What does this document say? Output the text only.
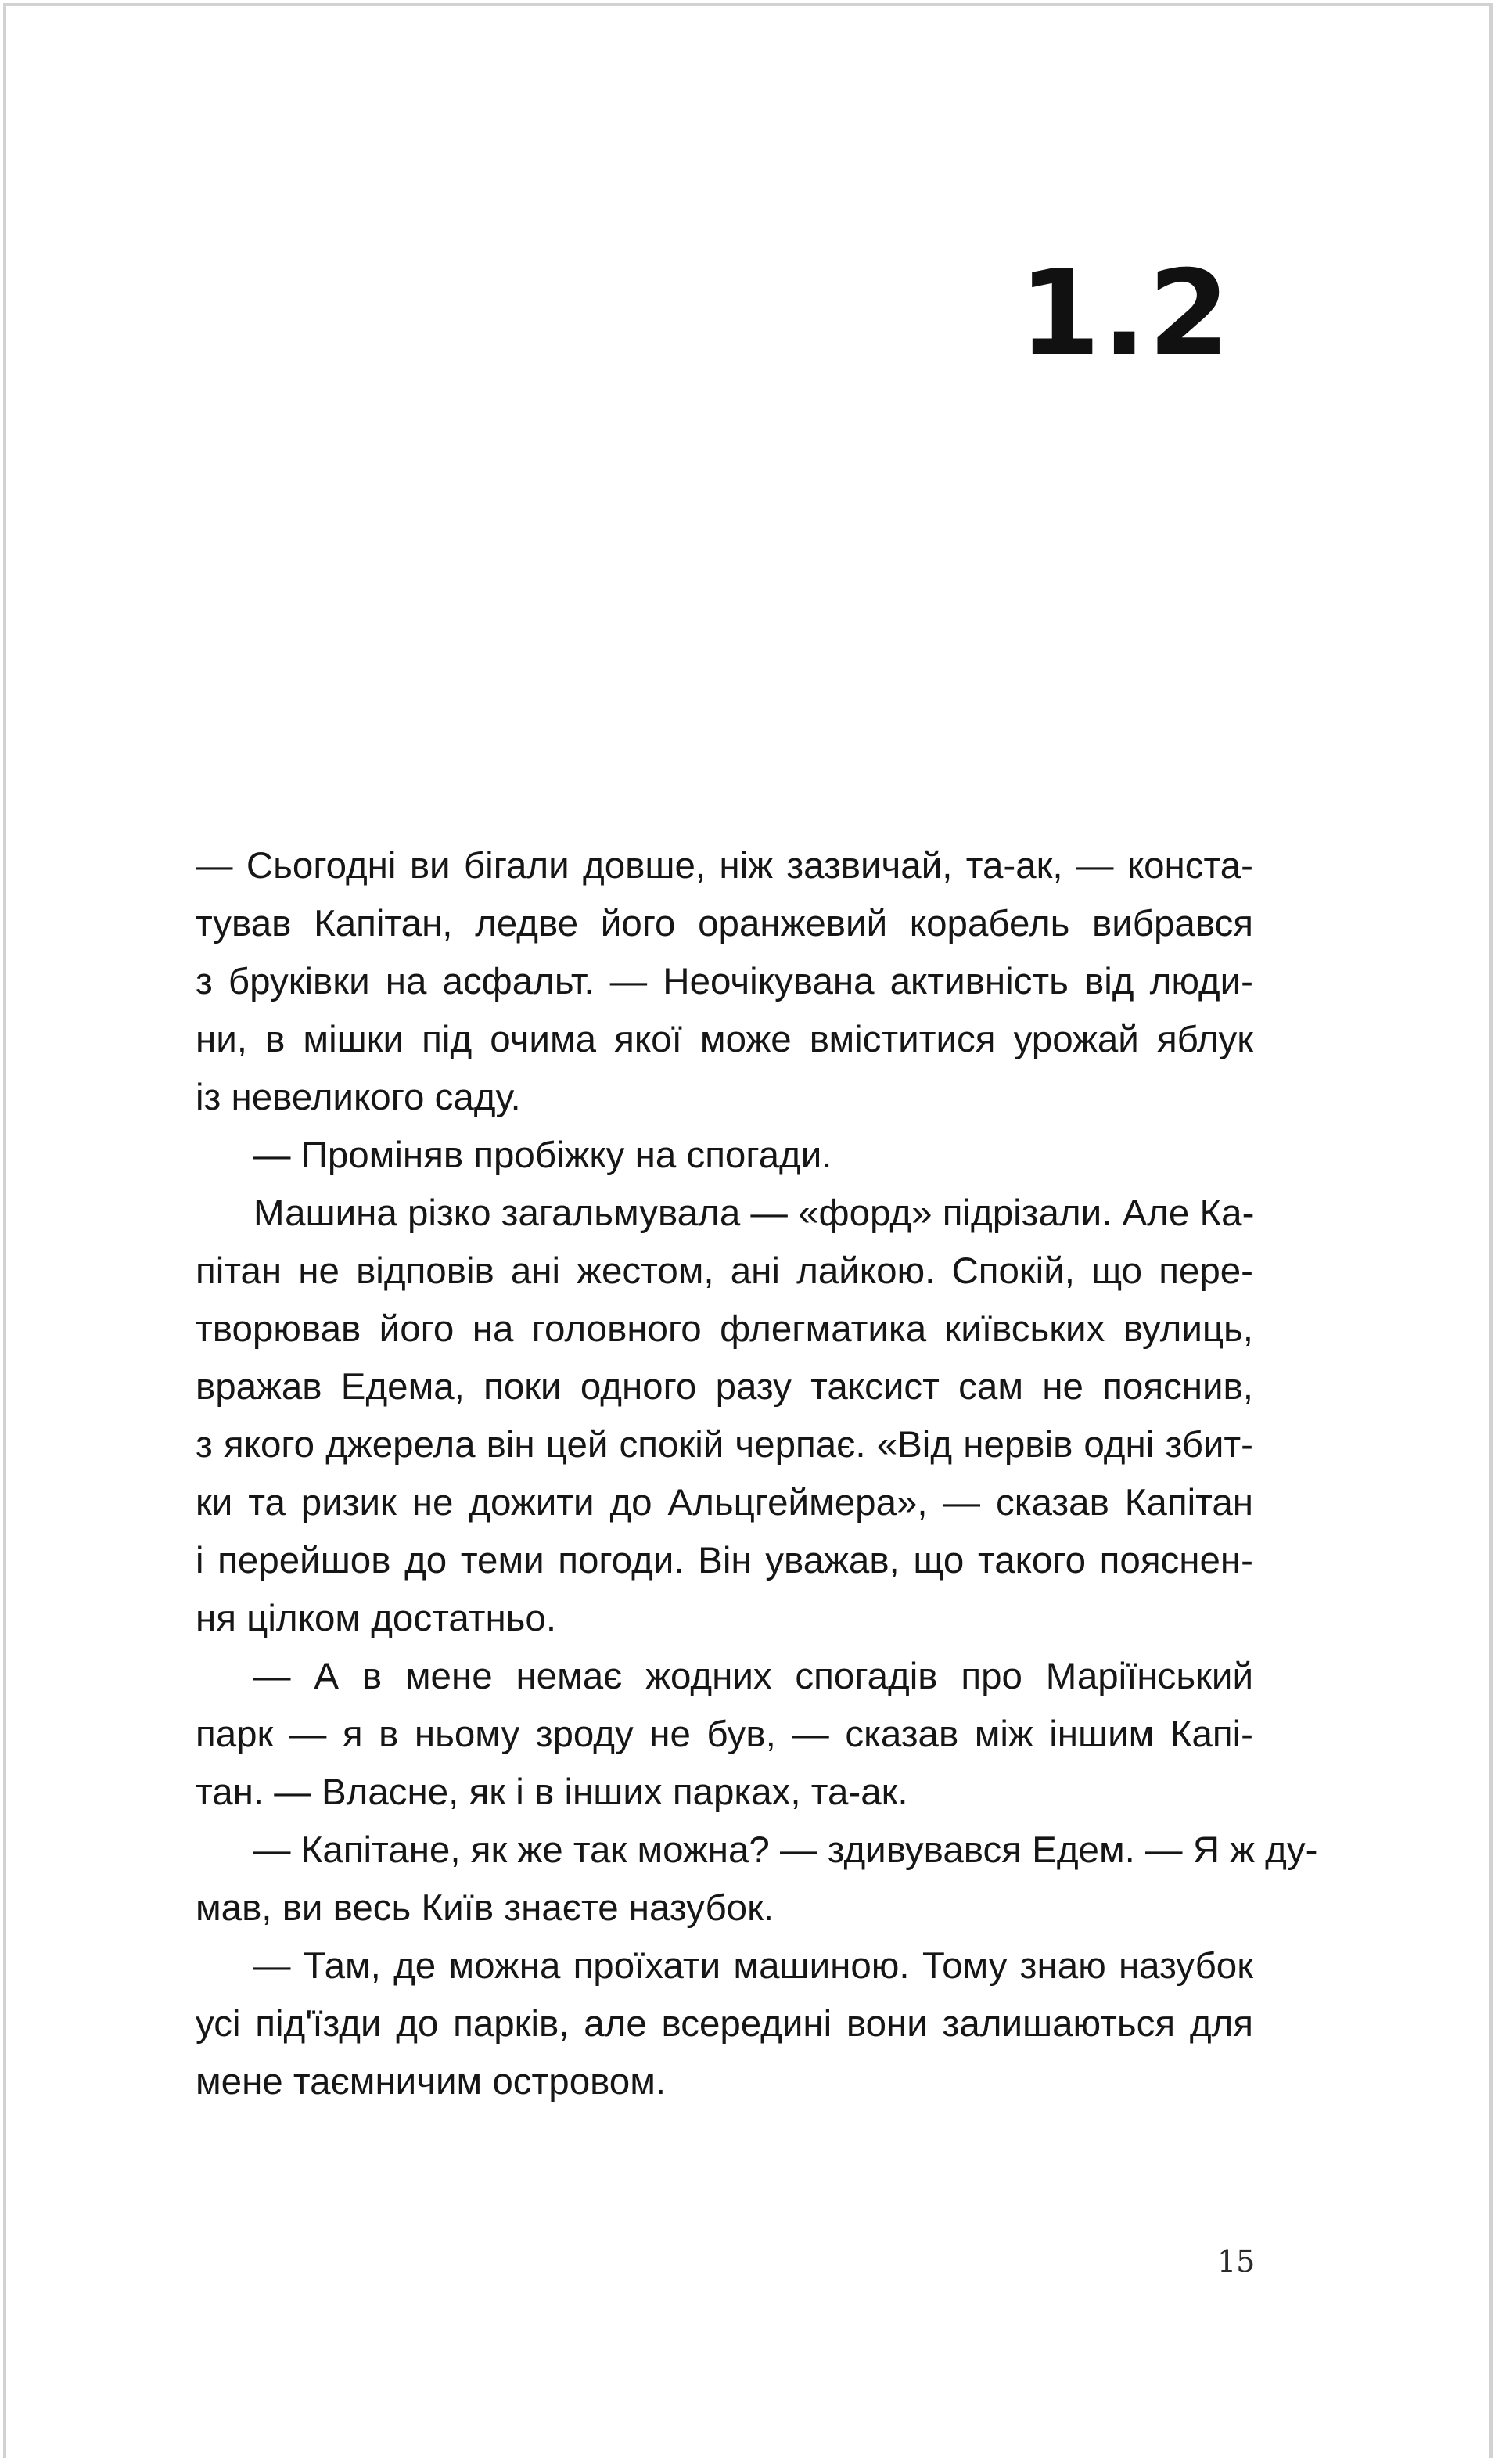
1.2
— Сьогодні ви бігали довше, ніж зазвичай, та-ак, — конста-
тував Капітан, ледве його оранжевий корабель вибрався
з бруківки на асфальт. — Неочікувана активність від люди-
ни, в мішки під очима якої може вміститися урожай яблук
із невеликого саду.
— Проміняв пробіжку на спогади.
Машина різко загальмувала — «форд» підрізали. Але Ка-
пітан не відповів ані жестом, ані лайкою. Спокій, що пере-
творював його на головного флегматика київських вулиць,
вражав Едема, поки одного разу таксист сам не пояснив,
з якого джерела він цей спокій черпає. «Від нервів одні збит-
ки та ризик не дожити до Альцгеймера», — сказав Капітан
і перейшов до теми погоди. Він уважав, що такого пояснен-
ня цілком достатньо.
— А в мене немає жодних спогадів про Маріїнський
парк — я в ньому зроду не був, — сказав між іншим Капі-
тан. — Власне, як і в інших парках, та-ак.
— Капітане, як же так можна? — здивувався Едем. — Я ж ду-
мав, ви весь Київ знаєте назубок.
— Там, де можна проїхати машиною. Тому знаю назубок
усі під'їзди до парків, але всередині вони залишаються для
мене таємничим островом.
15
